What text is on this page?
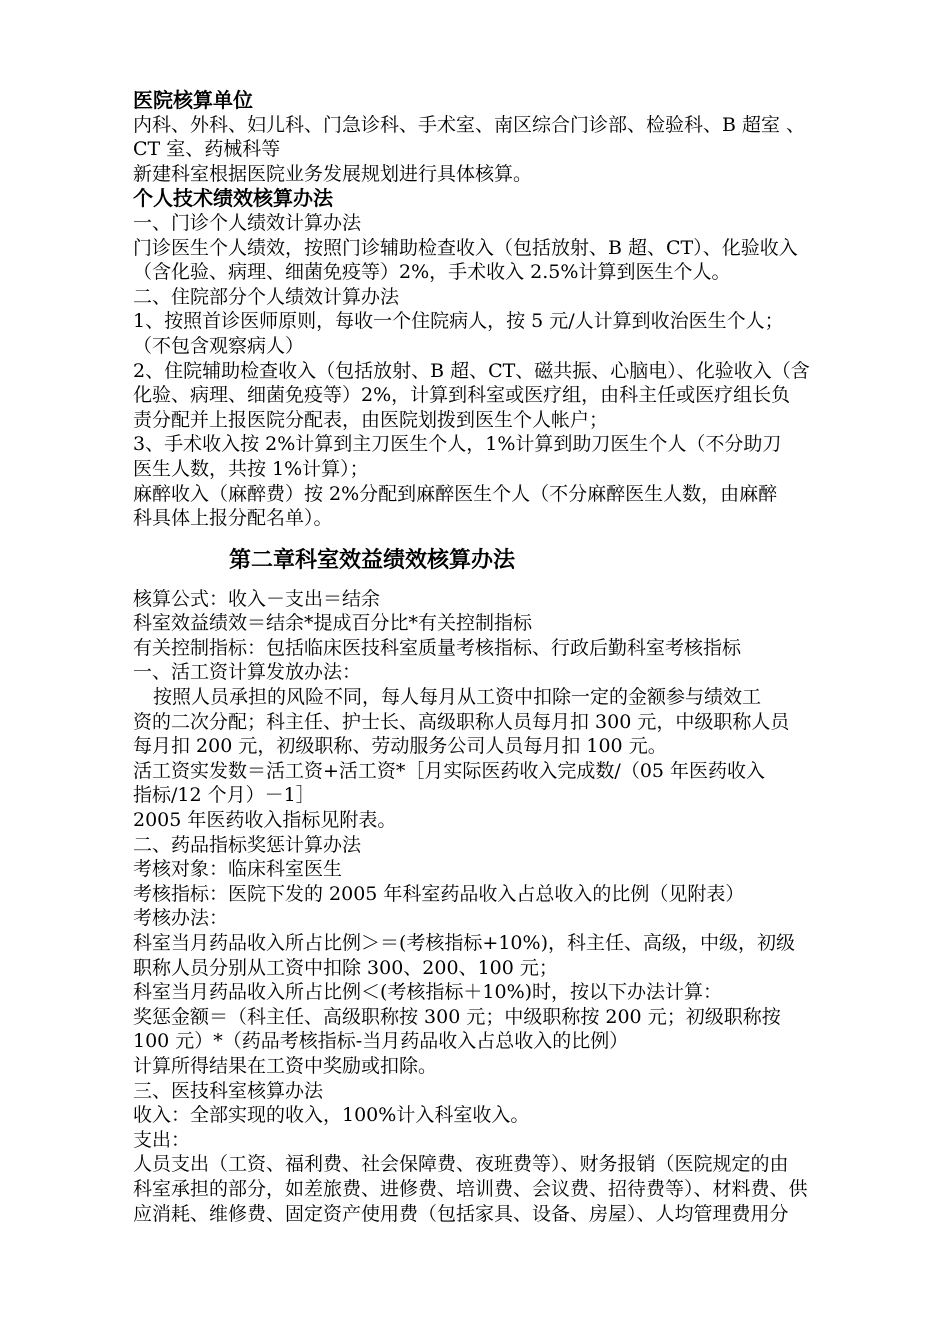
医院核算单位
内科、外科、妇儿科、门急诊科、手术室、南区综合门诊部、检验科、B 超室 、
CT 室、药械科等
新建科室根据医院业务发展规划进行具体核算。
个人技术绩效核算办法
一、门诊个人绩效计算办法
门诊医生个人绩效，按照门诊辅助检查收入（包括放射、B 超、CT）、化验收入
（含化验、病理、细菌免疫等）2%，手术收入 2.5%计算到医生个人。
二、住院部分个人绩效计算办法
1、按照首诊医师原则，每收一个住院病人，按 5 元/人计算到收治医生个人；
（不包含观察病人）
2、住院辅助检查收入（包括放射、B 超、CT、磁共振、心脑电）、化验收入（含
化验、病理、细菌免疫等）2%，计算到科室或医疗组，由科主任或医疗组长负
责分配并上报医院分配表，由医院划拨到医生个人帐户；
3、手术收入按 2%计算到主刀医生个人，1%计算到助刀医生个人（不分助刀
医生人数，共按 1%计算）；
麻醉收入（麻醉费）按 2%分配到麻醉医生个人（不分麻醉医生人数，由麻醉
科具体上报分配名单）。
第二章科室效益绩效核算办法
核算公式：收入－支出＝结余
科室效益绩效＝结余*提成百分比*有关控制指标
有关控制指标：包括临床医技科室质量考核指标、行政后勤科室考核指标
一、活工资计算发放办法：
按照人员承担的风险不同，每人每月从工资中扣除一定的金额参与绩效工
资的二次分配；科主任、护士长、高级职称人员每月扣 300 元，中级职称人员
每月扣 200 元，初级职称、劳动服务公司人员每月扣 100 元。
活工资实发数＝活工资+活工资*［月实际医药收入完成数/（05 年医药收入
指标/12 个月）－1］
2005 年医药收入指标见附表。
二、药品指标奖惩计算办法
考核对象：临床科室医生
考核指标：医院下发的 2005 年科室药品收入占总收入的比例（见附表）
考核办法：
科室当月药品收入所占比例＞＝(考核指标+10%)，科主任、高级，中级，初级
职称人员分别从工资中扣除 300、200、100 元；
科室当月药品收入所占比例＜(考核指标＋10%)时，按以下办法计算：
奖惩金额＝（科主任、高级职称按 300 元；中级职称按 200 元；初级职称按
100 元）*（药品考核指标-当月药品收入占总收入的比例）
计算所得结果在工资中奖励或扣除。
三、医技科室核算办法
收入：全部实现的收入，100%计入科室收入。
支出：
人员支出（工资、福利费、社会保障费、夜班费等）、财务报销（医院规定的由
科室承担的部分，如差旅费、进修费、培训费、会议费、招待费等）、材料费、供
应消耗、维修费、固定资产使用费（包括家具、设备、房屋）、人均管理费用分
